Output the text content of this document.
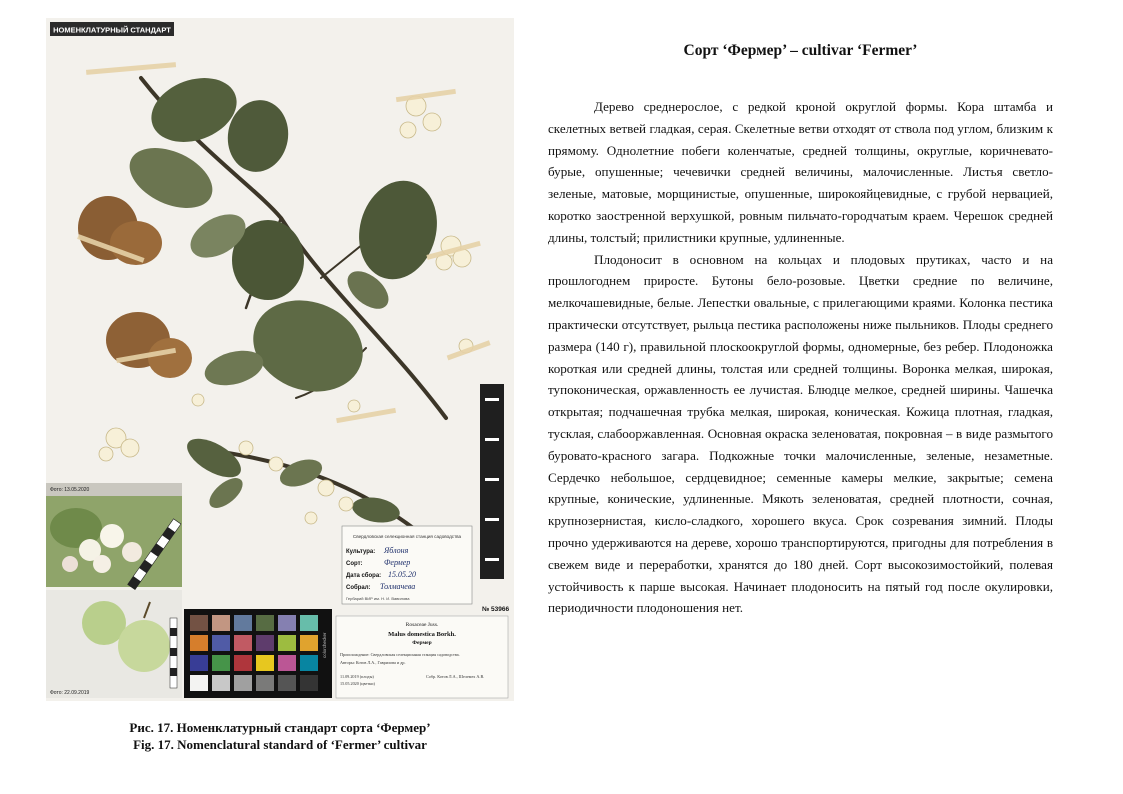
НОМЕНКЛАТУРНЫЙ СТАНДАРТ
Фото: 13.05.2020
Фото: 22.09.2019
Свердловская селекционная станция садоводства
Культура: Яблоня
Сорт:	Фермер
Дата сбора: 15.05.20
Собрал: Толмачева
Гербарий ВИР им. Н. И. Вавилова
№ 53966
colorchecker
Rosaceae Juss.
Malus domestica Borkh.
Фермер
Происхождение: Свердловская селекционная станция садоводства.
Авторы: Котов Л.А., Гаврилова и др.
11.09.2019 (плоды)
15.05.2020 (цветки)
Собр. Котов Л.А., Шелемех А.В.
Рис. 17. Номенклатурный стандарт сорта ‘Фермер’
Fig. 17. Nomenclatural standard of ‘Fermer’ cultivar
Сорт ‘Фермер’ – cultivar ‘Fermer’

Дерево среднерослое, с редкой кроной округлой формы. Кора штамба и скелетных ветвей гладкая, серая. Скелетные ветви отходят от ствола под углом, близким к прямому. Однолетние побеги коленчатые, средней толщины, округлые, коричневато-бурые, опушенные; чечевички средней величины, малочисленные. Листья светло-зеленые, матовые, морщинистые, опушенные, широкояйцевидные, с грубой нервацией, коротко заостренной верхушкой, ровным пильчато-городчатым краем. Черешок средней длины, толстый; прилистники крупные, удлиненные.

Плодоносит в основном на кольцах и плодовых прутиках, часто и на прошлогоднем приросте. Бутоны бело-розовые. Цветки средние по величине, мелкочашевидные, белые. Лепестки овальные, с прилегающими краями. Колонка пестика практически отсутствует, рыльца пестика расположены ниже пыльников. Плоды среднего размера (140 г), правильной плоскоокруглой формы, одномерные, без ребер. Плодоножка короткая или средней длины, толстая или средней толщины. Воронка мелкая, широкая, тупоконическая, оржавленность ее лучистая. Блюдце мелкое, средней ширины. Чашечка открытая; подчашечная трубка мелкая, широкая, коническая. Кожица плотная, гладкая, тусклая, слабооржавленная. Основная окраска зеленоватая, покровная – в виде размытого буровато-красного загара. Подкожные точки малочисленные, зеленые, незаметные. Сердечко небольшое, сердцевидное; семенные камеры мелкие, закрытые; семена крупные, конические, удлиненные. Мякоть зеленоватая, средней плотности, сочная, крупнозернистая, кисло-сладкого, хорошего вкуса. Срок созревания зимний. Плоды прочно удерживаются на дереве, хорошо транспортируются, пригодны для потребления в свежем виде и переработки, хранятся до 180 дней. Сорт высокозимостойкий, полевая устойчивость к парше высокая. Начинает плодоносить на пятый год после окулировки, периодичности плодоношения нет.
